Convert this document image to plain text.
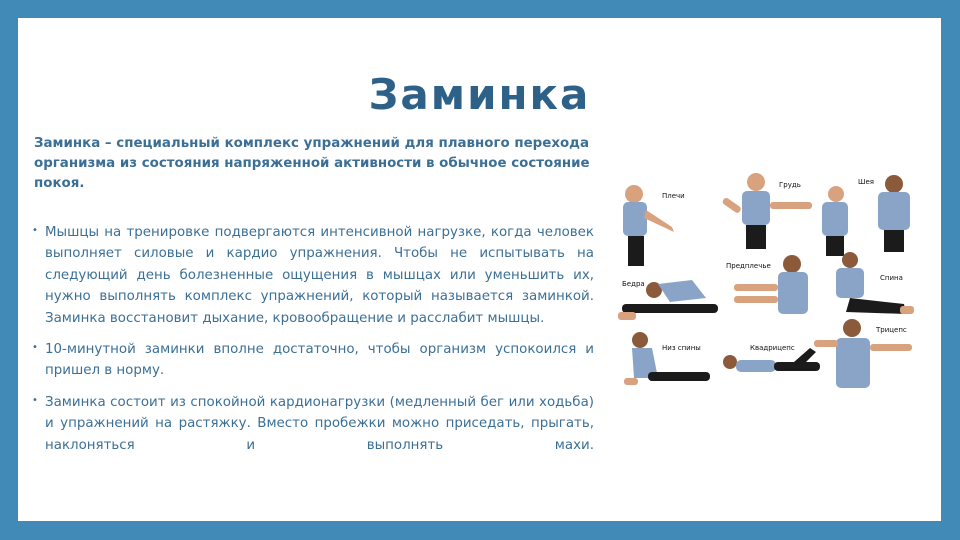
Заминка

Заминка – специальный комплекс упражнений для плавного перехода организма из состояния напряженной активности в обычное состояние покоя.

• Мышцы на тренировке подвергаются интенсивной нагрузке, когда человек выполняет силовые и кардио упражнения. Чтобы не испытывать на следующий день болезненные ощущения в мышцах или уменьшить их, нужно выполнять комплекс упражнений, который называется заминкой. Заминка восстановит дыхание, кровообращение и расслабит мышцы.
• 10-минутной заминки вполне достаточно, чтобы организм успокоился и пришел в норму.
• Заминка состоит из спокойной кардионагрузки (медленный бег или ходьба) и упражнений на растяжку. Вместо пробежки можно приседать, прыгать, наклоняться и выполнять махи.
Плечи
Грудь	Шея
Предплечье
Бедра
Спина
Низ спины	Квадрицепс
Трицепс
